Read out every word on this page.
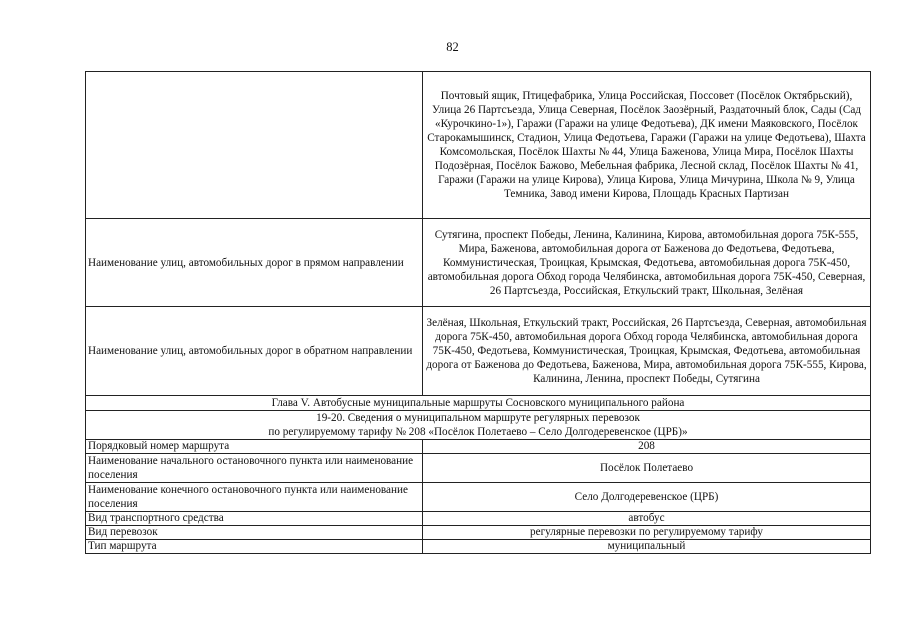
82
	Почтовый ящик, Птицефабрика, Улица Российская, Поссовет (Посёлок Октябрьский), Улица 26 Партсъезда, Улица Северная, Посёлок Заозёрный, Раздаточный блок, Сады (Сад «Курочкино-1»), Гаражи (Гаражи на улице Федотьева), ДК имени Маяковского, Посёлок Старокамышинск, Стадион, Улица Федотьева, Гаражи (Гаражи на улице Федотьева), Шахта Комсомольская, Посёлок Шахты № 44, Улица Баженова, Улица Мира, Посёлок Шахты Подозёрная, Посёлок Бажово, Мебельная фабрика, Лесной склад, Посёлок Шахты № 41, Гаражи (Гаражи на улице Кирова), Улица Кирова, Улица Мичурина, Школа № 9, Улица Темника, Завод имени Кирова, Площадь Красных Партизан
Наименование улиц, автомобильных дорог в прямом направлении	Сутягина, проспект Победы, Ленина, Калинина, Кирова, автомобильная дорога 75К-555, Мира, Баженова, автомобильная дорога от Баженова до Федотьева, Федотьева, Коммунистическая, Троицкая, Крымская, Федотьева, автомобильная дорога 75К-450, автомобильная дорога Обход города Челябинска, автомобильная дорога 75К-450, Северная, 26 Партсъезда, Российская, Еткульский тракт, Школьная, Зелёная
Наименование улиц, автомобильных дорог в обратном направлении	Зелёная, Школьная, Еткульский тракт, Российская, 26 Партсъезда, Северная, автомобильная дорога 75К-450, автомобильная дорога Обход города Челябинска, автомобильная дорога 75К-450, Федотьева, Коммунистическая, Троицкая, Крымская, Федотьева, автомобильная дорога от Баженова до Федотьева, Баженова, Мира, автомобильная дорога 75К-555, Кирова, Калинина, Ленина, проспект Победы, Сутягина
Глава V. Автобусные муниципальные маршруты Сосновского муниципального района	

19-20. Сведения о муниципальном маршруте регулярных перевозок
по регулируемому тарифу № 208 «Посёлок Полетаево – Село Долгодеревенское (ЦРБ)»	

Порядковый номер маршрута	208
Наименование начального остановочного пункта или наименование поселения	Посёлок Полетаево
Наименование конечного остановочного пункта или наименование поселения	Село Долгодеревенское (ЦРБ)
Вид транспортного средства	автобус
Вид перевозок	регулярные перевозки по регулируемому тарифу
Тип маршрута	муниципальный
